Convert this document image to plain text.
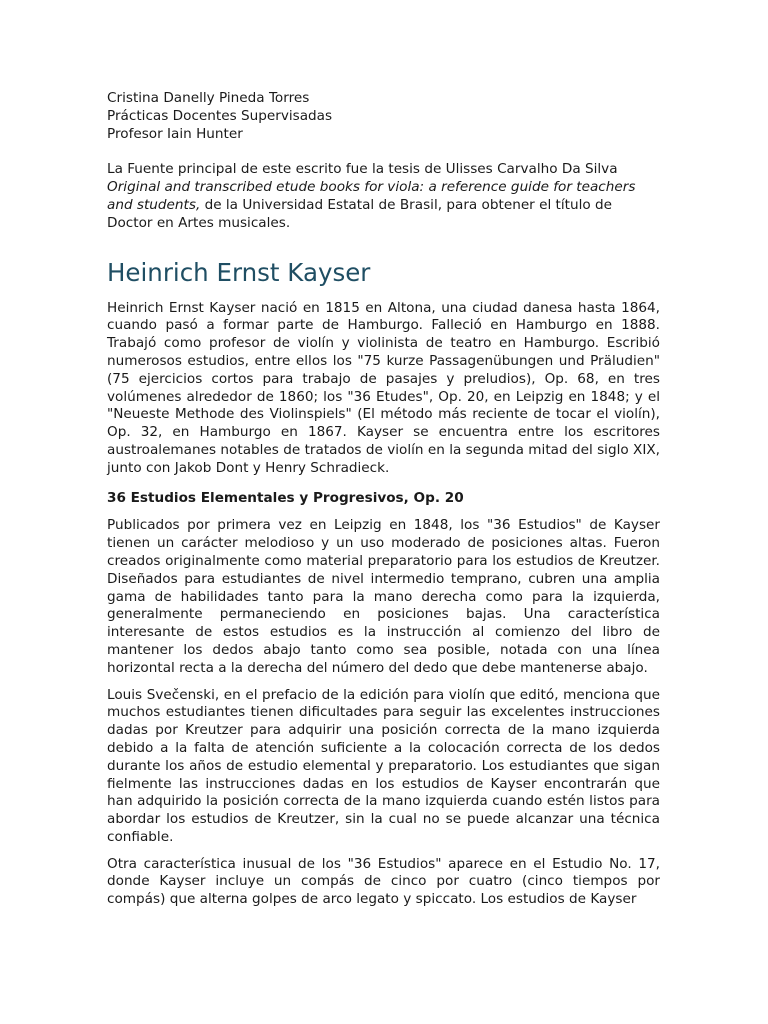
Cristina Danelly Pineda Torres

Prácticas Docentes Supervisadas

Profesor Iain Hunter

La Fuente principal de este escrito fue la tesis de Ulisses Carvalho Da Silva Original and transcribed etude books for viola: a reference guide for teachers and students, de la Universidad Estatal de Brasil, para obtener el título de Doctor en Artes musicales.

Heinrich Ernst Kayser

Heinrich Ernst Kayser nació en 1815 en Altona, una ciudad danesa hasta 1864, cuando pasó a formar parte de Hamburgo. Falleció en Hamburgo en 1888. Trabajó como profesor de violín y violinista de teatro en Hamburgo. Escribió numerosos estudios, entre ellos los "75 kurze Passagenübungen und Präludien" (75 ejercicios cortos para trabajo de pasajes y preludios), Op. 68, en tres volúmenes alrededor de 1860; los "36 Etudes", Op. 20, en Leipzig en 1848; y el "Neueste Methode des Violinspiels" (El método más reciente de tocar el violín), Op. 32, en Hamburgo en 1867. Kayser se encuentra entre los escritores austroalemanes notables de tratados de violín en la segunda mitad del siglo XIX, junto con Jakob Dont y Henry Schradieck.

36 Estudios Elementales y Progresivos, Op. 20

Publicados por primera vez en Leipzig en 1848, los "36 Estudios" de Kayser tienen un carácter melodioso y un uso moderado de posiciones altas. Fueron creados originalmente como material preparatorio para los estudios de Kreutzer. Diseñados para estudiantes de nivel intermedio temprano, cubren una amplia gama de habilidades tanto para la mano derecha como para la izquierda, generalmente permaneciendo en posiciones bajas. Una característica interesante de estos estudios es la instrucción al comienzo del libro de mantener los dedos abajo tanto como sea posible, notada con una línea horizontal recta a la derecha del número del dedo que debe mantenerse abajo.

Louis Svečenski, en el prefacio de la edición para violín que editó, menciona que muchos estudiantes tienen dificultades para seguir las excelentes instrucciones dadas por Kreutzer para adquirir una posición correcta de la mano izquierda debido a la falta de atención suficiente a la colocación correcta de los dedos durante los años de estudio elemental y preparatorio. Los estudiantes que sigan fielmente las instrucciones dadas en los estudios de Kayser encontrarán que han adquirido la posición correcta de la mano izquierda cuando estén listos para abordar los estudios de Kreutzer, sin la cual no se puede alcanzar una técnica confiable.

Otra característica inusual de los "36 Estudios" aparece en el Estudio No. 17, donde Kayser incluye un compás de cinco por cuatro (cinco tiempos por compás) que alterna golpes de arco legato y spiccato. Los estudios de Kayser
